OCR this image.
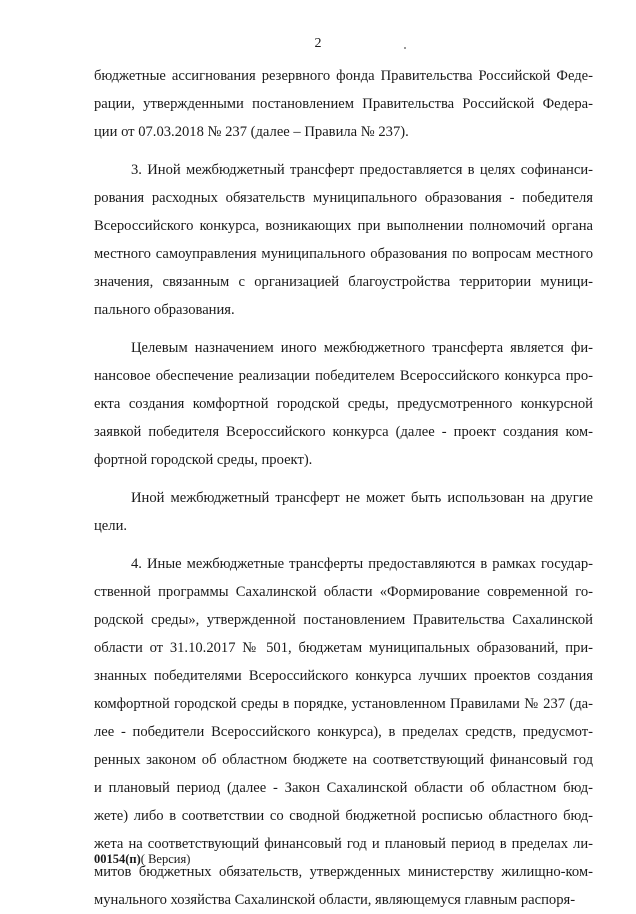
2
бюджетные ассигнования резервного фонда Правительства Российской Феде-
рации, утвержденными постановлением Правительства Российской Федера-
ции от 07.03.2018 № 237 (далее – Правила № 237).
3. Иной межбюджетный трансферт предоставляется в целях софинанси-
рования расходных обязательств муниципального образования - победителя
Всероссийского конкурса, возникающих при выполнении полномочий органа
местного самоуправления муниципального образования по вопросам местного
значения, связанным с организацией благоустройства территории муници-
пального образования.
Целевым назначением иного межбюджетного трансферта является фи-
нансовое обеспечение реализации победителем Всероссийского конкурса про-
екта создания комфортной городской среды, предусмотренного конкурсной
заявкой победителя Всероссийского конкурса (далее - проект создания ком-
фортной городской среды, проект).
Иной межбюджетный трансферт не может быть использован на другие
цели.
4. Иные межбюджетные трансферты предоставляются в рамках государ-
ственной программы Сахалинской области «Формирование современной го-
родской среды», утвержденной постановлением Правительства Сахалинской
области от 31.10.2017 № 501, бюджетам муниципальных образований, при-
знанных победителями Всероссийского конкурса лучших проектов создания
комфортной городской среды в порядке, установленном Правилами № 237 (да-
лее - победители Всероссийского конкурса), в пределах средств, предусмот-
ренных законом об областном бюджете на соответствующий финансовый год
и плановый период (далее - Закон Сахалинской области об областном бюд-
жете) либо в соответствии со сводной бюджетной росписью областного бюд-
жета на соответствующий финансовый год и плановый период в пределах ли-
митов бюджетных обязательств, утвержденных министерству жилищно-ком-
мунального хозяйства Сахалинской области, являющемуся главным распоря-
00154(п)( Версия)
